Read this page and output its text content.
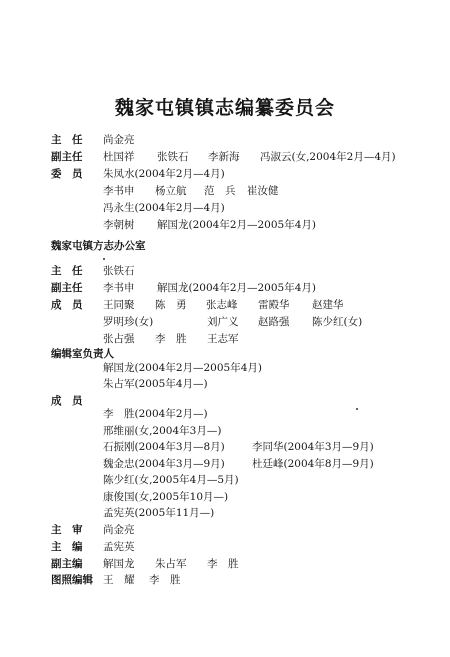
魏家屯镇镇志编纂委员会
主　任 尚金亮
副主任 杜国祥 张铁石 李新海 冯淑云(女,2004年2月—4月)
委　员 朱凤水(2004年2月—4月)
李书申 杨立航 范　兵 崔汝健
冯永生(2004年2月—4月)
李朝树 解国龙(2004年2月—2005年4月)
魏家屯镇方志办公室
主　任 张铁石
副主任 李书申 解国龙(2004年2月—2005年4月)
成　员 王同聚 陈　勇 张志峰 雷殿华 赵建华
罗明珍(女)	刘广义 赵路强 陈少红(女)
张占强 李　胜 王志军
编辑室负责人
解国龙(2004年2月—2005年4月)
朱占军(2005年4月—)
成　员
李　胜(2004年2月—)
邢维丽(女,2004年3月—)
石振刚(2004年3月—8月)	李同华(2004年3月—9月)
魏金忠(2004年3月—9月)	杜廷峰(2004年8月—9月)
陈少红(女,2005年4月—5月)
康俊国(女,2005年10月—)
孟宪英(2005年11月—)
主　审 尚金亮
主　编 孟宪英
副主编 解国龙 朱占军 李　胜
图照编辑 王　耀 李　胜
